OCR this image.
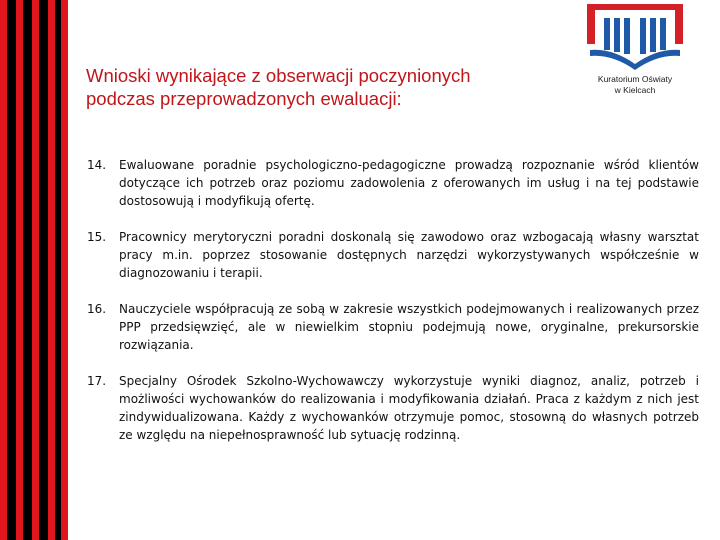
Wnioski wynikające z obserwacji poczynionych
podczas przeprowadzonych ewaluacji:
Kuratorium Oświaty
w Kielcach
14.	Ewaluowane poradnie psychologiczno-pedagogiczne prowadzą rozpoznanie wśród klientów dotyczące ich potrzeb oraz poziomu zadowolenia z oferowanych im usług i na tej podstawie dostosowują i modyfikują ofertę.
15.	Pracownicy merytoryczni poradni doskonalą się zawodowo oraz wzbogacają własny warsztat pracy m.in. poprzez stosowanie dostępnych narzędzi wykorzystywanych współcześnie w diagnozowaniu i terapii.
16.	Nauczyciele współpracują ze sobą w zakresie wszystkich podejmowanych i realizowanych przez PPP przedsięwzięć, ale w niewielkim stopniu podejmują nowe, oryginalne, prekursorskie rozwiązania.
17.	Specjalny Ośrodek Szkolno-Wychowawczy wykorzystuje wyniki diagnoz, analiz, potrzeb i możliwości wychowanków do realizowania i modyfikowania działań. Praca z każdym z nich jest zindywidualizowana. Każdy z wychowanków otrzymuje pomoc, stosowną do własnych potrzeb ze względu na niepełnosprawność lub sytuację rodzinną.
